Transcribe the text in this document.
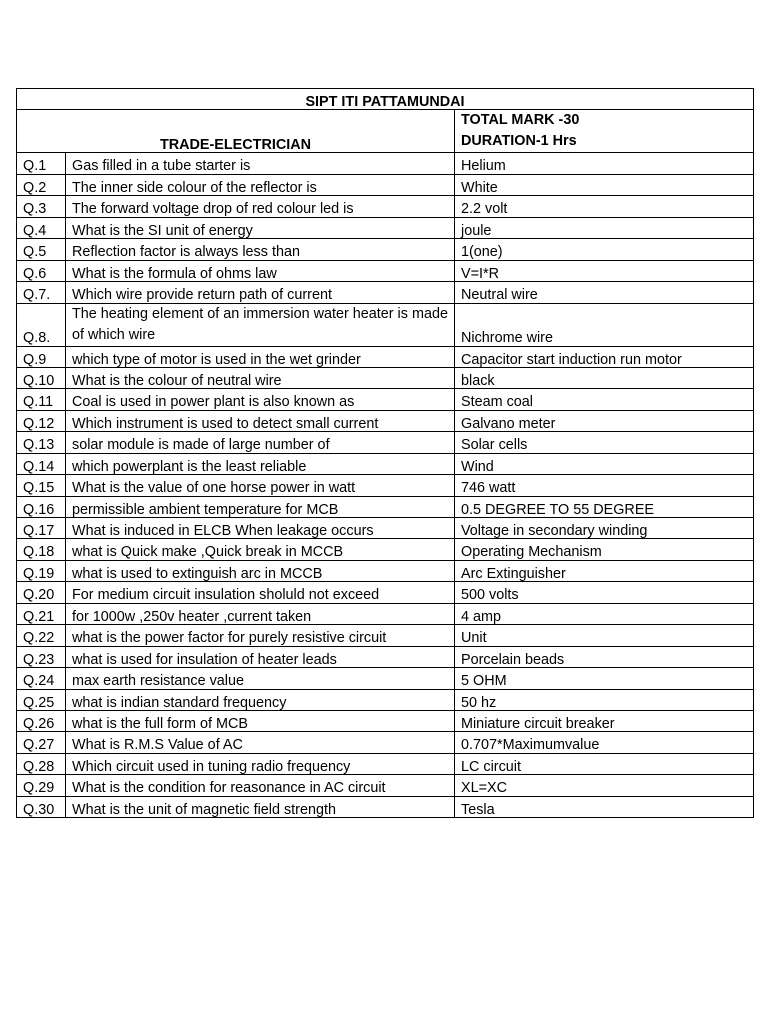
SIPT ITI PATTAMUNDAI		
TRADE-ELECTRICIAN		TOTAL MARK -30
DURATION-1 Hrs

Q.1	Gas filled in a tube starter is	Helium
Q.2	The inner side colour of the reflector is	White
Q.3	The forward voltage drop of red colour led is	2.2 volt
Q.4	What is the SI unit of energy	joule
Q.5	Reflection factor is always less than	1(one)
Q.6	What is the formula of ohms law	V=I*R
Q.7.	Which wire provide return path of current	Neutral wire
Q.8.	The heating element of an immersion water heater is made of which wire	Nichrome wire
Q.9	which type of motor is used in the wet grinder	Capacitor start induction run motor
Q.10	What is the colour of neutral wire	black
Q.11	Coal is used in power plant is also known as	Steam coal
Q.12	Which instrument is used to detect small current	Galvano meter
Q.13	solar module is made of large number of	Solar cells
Q.14	which powerplant is the least reliable	Wind
Q.15	What is the value of one horse power in watt	746 watt
Q.16	permissible ambient temperature for MCB	0.5 DEGREE TO 55 DEGREE
Q.17	What is induced in ELCB When leakage occurs	Voltage in secondary winding
Q.18	what is Quick make ,Quick break in MCCB	Operating Mechanism
Q.19	what is used to extinguish arc in MCCB	Arc Extinguisher
Q.20	For medium circuit insulation sholuld not exceed	500 volts
Q.21	for 1000w ,250v heater ,current taken	4 amp
Q.22	what is the power factor for purely resistive circuit	Unit
Q.23	what is used for insulation of heater leads	Porcelain beads
Q.24	max earth resistance value	5 OHM
Q.25	what is indian standard frequency	50 hz
Q.26	what is the full form of MCB	Miniature circuit breaker
Q.27	What is R.M.S Value of AC	0.707*Maximumvalue
Q.28	Which circuit used in tuning radio frequency	LC circuit
Q.29	What is the condition for reasonance in AC circuit	XL=XC
Q.30	What is the unit of magnetic field strength	Tesla
